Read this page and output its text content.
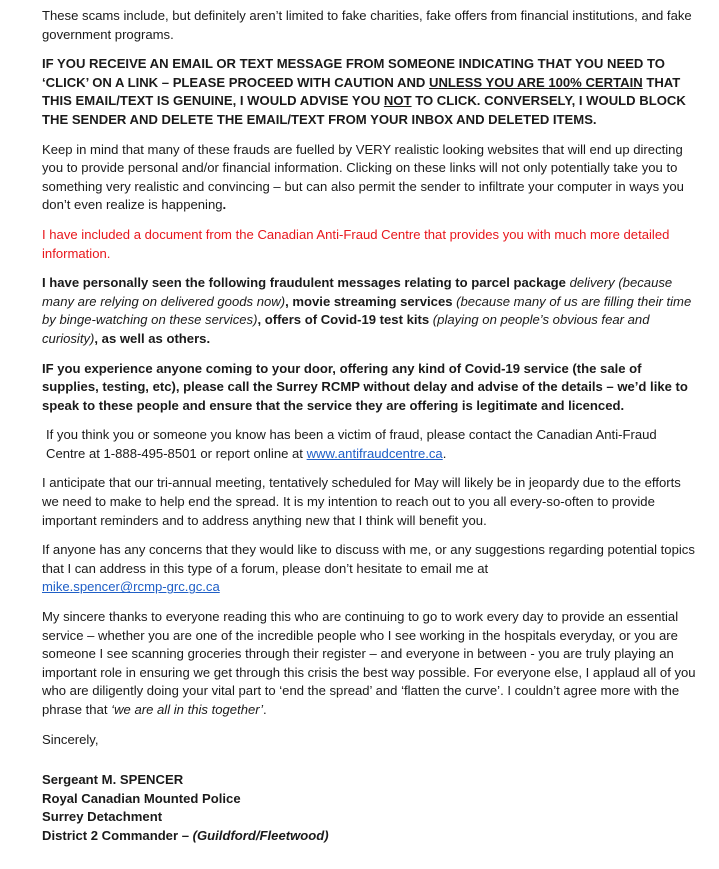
These scams include, but definitely aren’t limited to fake charities, fake offers from financial institutions, and fake government programs.

IF YOU RECEIVE AN EMAIL OR TEXT MESSAGE FROM SOMEONE INDICATING THAT YOU NEED TO ‘CLICK’ ON A LINK – PLEASE PROCEED WITH CAUTION AND UNLESS YOU ARE 100% CERTAIN THAT THIS EMAIL/TEXT IS GENUINE, I WOULD ADVISE YOU NOT TO CLICK. CONVERSELY, I WOULD BLOCK THE SENDER AND DELETE THE EMAIL/TEXT FROM YOUR INBOX AND DELETED ITEMS.

Keep in mind that many of these frauds are fuelled by VERY realistic looking websites that will end up directing you to provide personal and/or financial information. Clicking on these links will not only potentially take you to something very realistic and convincing – but can also permit the sender to infiltrate your computer in ways you don’t even realize is happening.

I have included a document from the Canadian Anti-Fraud Centre that provides you with much more detailed information.

I have personally seen the following fraudulent messages relating to parcel package delivery (because many are relying on delivered goods now), movie streaming services (because many of us are filling their time by binge-watching on these services), offers of Covid-19 test kits (playing on people’s obvious fear and curiosity), as well as others.

IF you experience anyone coming to your door, offering any kind of Covid-19 service (the sale of supplies, testing, etc), please call the Surrey RCMP without delay and advise of the details – we’d like to speak to these people and ensure that the service they are offering is legitimate and licenced.

If you think you or someone you know has been a victim of fraud, please contact the Canadian Anti-Fraud Centre at 1-888-495-8501 or report online at www.antifraudcentre.ca.

I anticipate that our tri-annual meeting, tentatively scheduled for May will likely be in jeopardy due to the efforts we need to make to help end the spread. It is my intention to reach out to you all every-so-often to provide important reminders and to address anything new that I think will benefit you.

If anyone has any concerns that they would like to discuss with me, or any suggestions regarding potential topics that I can address in this type of a forum, please don’t hesitate to email me at
mike.spencer@rcmp-grc.gc.ca

My sincere thanks to everyone reading this who are continuing to go to work every day to provide an essential service – whether you are one of the incredible people who I see working in the hospitals everyday, or you are someone I see scanning groceries through their register – and everyone in between - you are truly playing an important role in ensuring we get through this crisis the best way possible. For everyone else, I applaud all of you who are diligently doing your vital part to ‘end the spread’ and ‘flatten the curve’. I couldn’t agree more with the phrase that ‘we are all in this together’.

Sincerely,

Sergeant M. SPENCER

Royal Canadian Mounted Police

Surrey Detachment

District 2 Commander – (Guildford/Fleetwood)
